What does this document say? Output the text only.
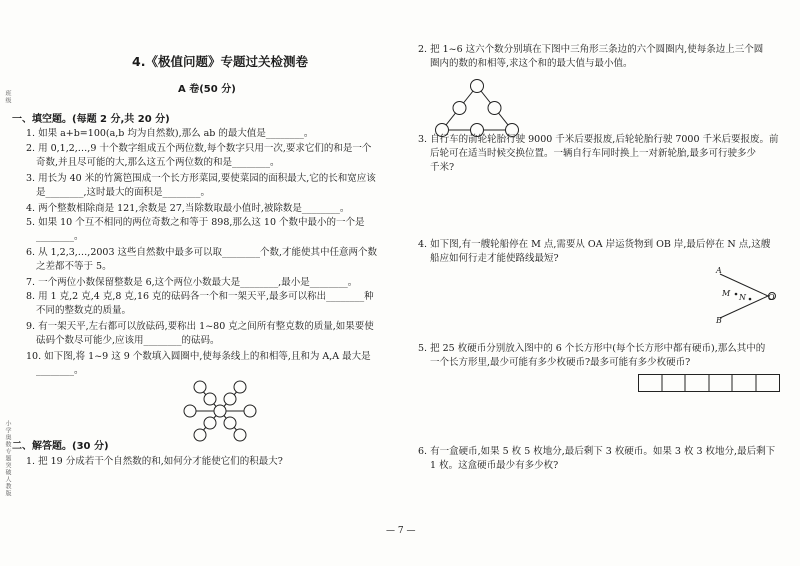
班级
小学奥数专题突破人教版
4.《极值问题》专题过关检测卷
A 卷(50 分)
一、填空题。(每题 2 分,共 20 分)
1. 如果 a+b=100(a,b 均为自然数),那么 ab 的最大值是________。
2. 用 0,1,2,…,9 十个数字组成五个两位数,每个数字只用一次,要求它们的和是一个
奇数,并且尽可能的大,那么这五个两位数的和是________。
3. 用长为 40 米的竹篱笆围成一个长方形菜园,要使菜园的面积最大,它的长和宽应该
是________,这时最大的面积是________。
4. 两个整数相除商是 121,余数是 27,当除数取最小值时,被除数是________。
5. 如果 10 个互不相同的两位奇数之和等于 898,那么这 10 个数中最小的一个是
________。
6. 从 1,2,3,…,2003 这些自然数中最多可以取________个数,才能使其中任意两个数
之差都不等于 5。
7. 一个两位小数保留整数是 6,这个两位小数最大是________,最小是________。
8. 用 1 克,2 克,4 克,8 克,16 克的砝码各一个和一架天平,最多可以称出________种
不同的整数克的质量。
9. 有一架天平,左右都可以放砝码,要称出 1~80 克之间所有整克数的质量,如果要使
砝码个数尽可能少,应该用________的砝码。
10. 如下图,将 1~9 这 9 个数填入圆圈中,使每条线上的和相等,且和为 A,A 最大是
________。
二、解答题。(30 分)
1. 把 19 分成若干个自然数的和,如何分才能使它们的积最大?
2. 把 1~6 这六个数分别填在下图中三角形三条边的六个圆圈内,使每条边上三个圆
圈内的数的和相等,求这个和的最大值与最小值。
3. 自行车的前轮轮胎行驶 9000 千米后要报废,后轮轮胎行驶 7000 千米后要报废。前
后轮可在适当时候交换位置。一辆自行车同时换上一对新轮胎,最多可行驶多少
千米?
4. 如下图,有一艘轮船停在 M 点,需要从 OA 岸运货物到 OB 岸,最后停在 N 点,这艘
船应如何行走才能使路线最短?
A
B
M N	O
5. 把 25 枚硬币分别放入图中的 6 个长方形中(每个长方形中都有硬币),那么其中的
一个长方形里,最少可能有多少枚硬币?最多可能有多少枚硬币?
6. 有一盒硬币,如果 5 枚 5 枚地分,最后剩下 3 枚硬币。如果 3 枚 3 枚地分,最后剩下
1 枚。这盒硬币最少有多少枚?
— 7 —
